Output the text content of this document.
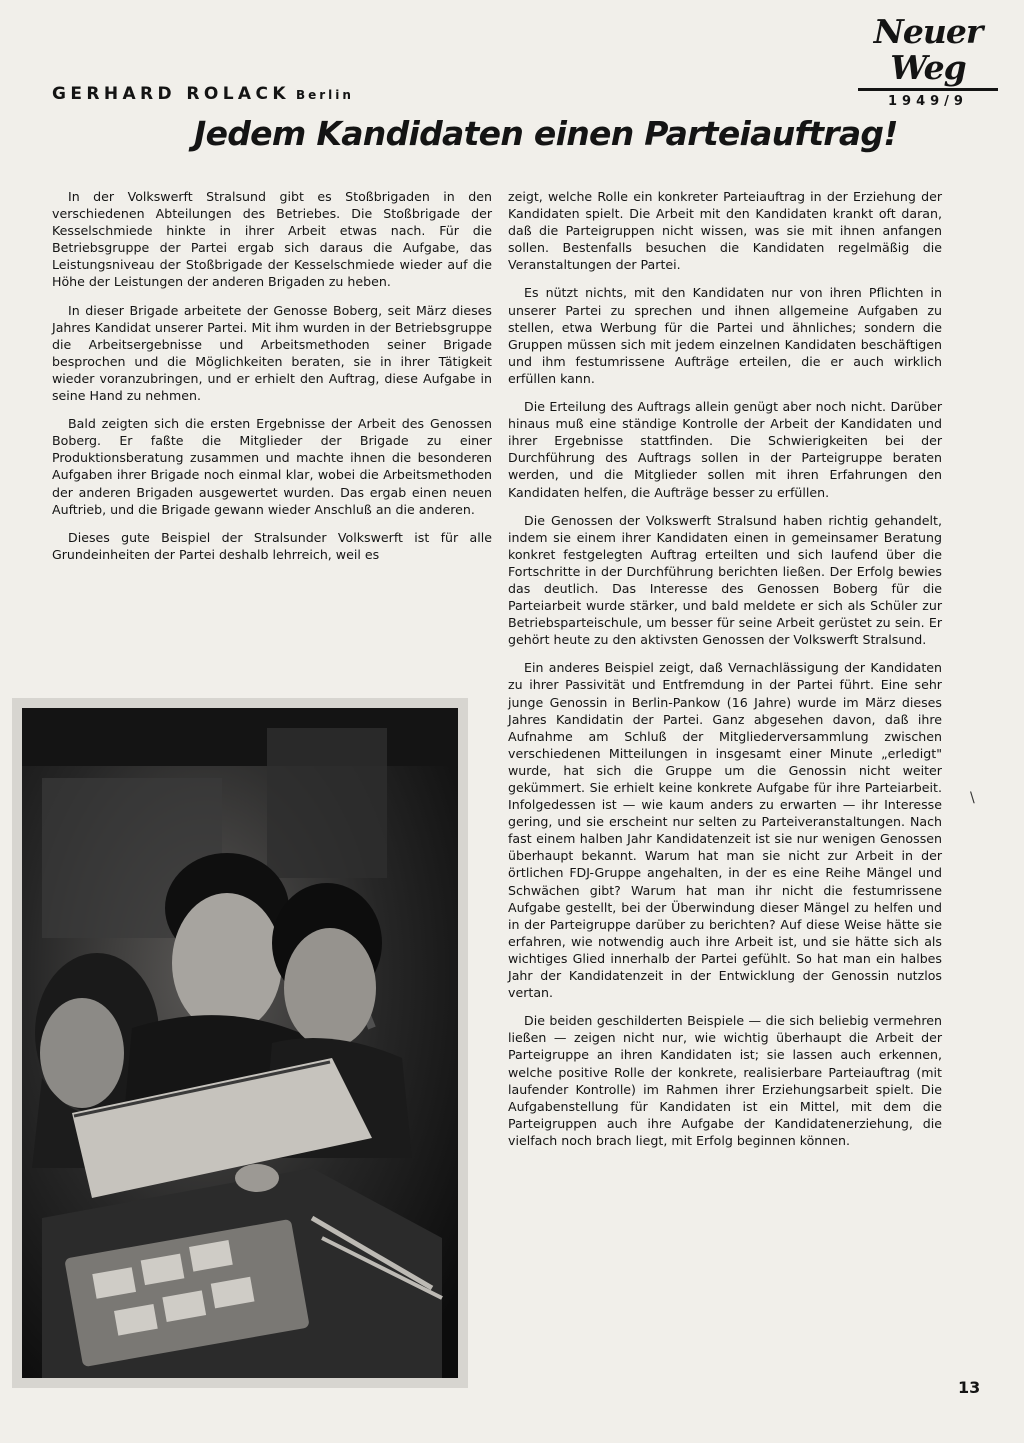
Neuer Weg

1949/9

GERHARD ROLACK Berlin

Jedem Kandidaten einen Parteiauftrag!

In der Volkswerft Stralsund gibt es Stoßbrigaden in den verschiedenen Abteilungen des Betriebes. Die Stoßbrigade der Kesselschmiede hinkte in ihrer Arbeit etwas nach. Für die Betriebsgruppe der Partei ergab sich daraus die Aufgabe, das Leistungsniveau der Stoßbrigade der Kesselschmiede wieder auf die Höhe der Leistungen der anderen Brigaden zu heben.

In dieser Brigade arbeitete der Genosse Boberg, seit März dieses Jahres Kandidat unserer Partei. Mit ihm wurden in der Betriebsgruppe die Arbeitsergebnisse und Arbeitsmethoden seiner Brigade besprochen und die Möglichkeiten beraten, sie in ihrer Tätigkeit wieder voranzubringen, und er erhielt den Auftrag, diese Aufgabe in seine Hand zu nehmen.

Bald zeigten sich die ersten Ergebnisse der Arbeit des Genossen Boberg. Er faßte die Mitglieder der Brigade zu einer Produktionsberatung zusammen und machte ihnen die besonderen Aufgaben ihrer Brigade noch einmal klar, wobei die Arbeitsmethoden der anderen Brigaden ausgewertet wurden. Das ergab einen neuen Auftrieb, und die Brigade gewann wieder Anschluß an die anderen.

Dieses gute Beispiel der Stralsunder Volkswerft ist für alle Grundeinheiten der Partei deshalb lehrreich, weil es

zeigt, welche Rolle ein konkreter Parteiauftrag in der Erziehung der Kandidaten spielt. Die Arbeit mit den Kandidaten krankt oft daran, daß die Parteigruppen nicht wissen, was sie mit ihnen anfangen sollen. Bestenfalls besuchen die Kandidaten regelmäßig die Veranstaltungen der Partei.

Es nützt nichts, mit den Kandidaten nur von ihren Pflichten in unserer Partei zu sprechen und ihnen allgemeine Aufgaben zu stellen, etwa Werbung für die Partei und ähnliches; sondern die Gruppen müssen sich mit jedem einzelnen Kandidaten beschäftigen und ihm festumrissene Aufträge erteilen, die er auch wirklich erfüllen kann.

Die Erteilung des Auftrags allein genügt aber noch nicht. Darüber hinaus muß eine ständige Kontrolle der Arbeit der Kandidaten und ihrer Ergebnisse stattfinden. Die Schwierigkeiten bei der Durchführung des Auftrags sollen in der Parteigruppe beraten werden, und die Mitglieder sollen mit ihren Erfahrungen den Kandidaten helfen, die Aufträge besser zu erfüllen.

Die Genossen der Volkswerft Stralsund haben richtig gehandelt, indem sie einem ihrer Kandidaten einen in gemeinsamer Beratung konkret festgelegten Auftrag erteilten und sich laufend über die Fortschritte in der Durchführung berichten ließen. Der Erfolg bewies das deutlich. Das Interesse des Genossen Boberg für die Parteiarbeit wurde stärker, und bald meldete er sich als Schüler zur Betriebsparteischule, um besser für seine Arbeit gerüstet zu sein. Er gehört heute zu den aktivsten Genossen der Volkswerft Stralsund.

Ein anderes Beispiel zeigt, daß Vernachlässigung der Kandidaten zu ihrer Passivität und Entfremdung in der Partei führt. Eine sehr junge Genossin in Berlin-Pankow (16 Jahre) wurde im März dieses Jahres Kandidatin der Partei. Ganz abgesehen davon, daß ihre Aufnahme am Schluß der Mitgliederversammlung zwischen verschiedenen Mitteilungen in insgesamt einer Minute „erledigt" wurde, hat sich die Gruppe um die Genossin nicht weiter gekümmert. Sie erhielt keine konkrete Aufgabe für ihre Parteiarbeit. Infolgedessen ist — wie kaum anders zu erwarten — ihr Interesse gering, und sie erscheint nur selten zu Parteiveranstaltungen. Nach fast einem halben Jahr Kandidatenzeit ist sie nur wenigen Genossen überhaupt bekannt. Warum hat man sie nicht zur Arbeit in der örtlichen FDJ-Gruppe angehalten, in der es eine Reihe Mängel und Schwächen gibt? Warum hat man ihr nicht die festumrissene Aufgabe gestellt, bei der Überwindung dieser Mängel zu helfen und in der Parteigruppe darüber zu berichten? Auf diese Weise hätte sie erfahren, wie notwendig auch ihre Arbeit ist, und sie hätte sich als wichtiges Glied innerhalb der Partei gefühlt. So hat man ein halbes Jahr der Kandidatenzeit in der Entwicklung der Genossin nutzlos vertan.

Die beiden geschilderten Beispiele — die sich beliebig vermehren ließen — zeigen nicht nur, wie wichtig überhaupt die Arbeit der Parteigruppe an ihren Kandidaten ist; sie lassen auch erkennen, welche positive Rolle der konkrete, realisierbare Parteiauftrag (mit laufender Kontrolle) im Rahmen ihrer Erziehungsarbeit spielt. Die Aufgabenstellung für Kandidaten ist ein Mittel, mit dem die Parteigruppen auch ihre Aufgabe der Kandidatenerziehung, die vielfach noch brach liegt, mit Erfolg beginnen können.

13

\
